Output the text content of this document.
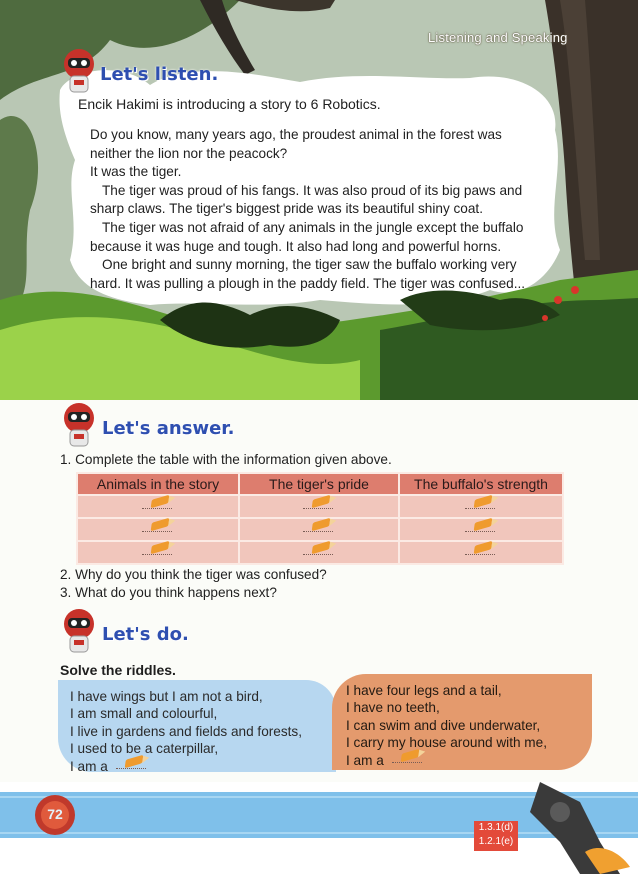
Listening and Speaking
Let's listen.
Encik Hakimi is introducing a story to 6 Robotics.

Do you know, many years ago, the proudest animal in the forest was

neither the lion nor the peacock?

It was the tiger.

The tiger was proud of his fangs. It was also proud of its big paws and

sharp claws. The tiger's biggest pride was its beautiful shiny coat.

The tiger was not afraid of any animals in the jungle except the buffalo

because it was huge and tough. It also had long and powerful horns.

One bright and sunny morning, the tiger saw the buffalo working very

hard. It was pulling a plough in the paddy field. The tiger was confused...

Let's answer.
1. Complete the table with the information given above.
Animals in the story	The tiger's pride	The buffalo's strength

2. Why do you think the tiger was confused?
3. What do you think happens next?
Let's do.
Solve the riddles.
I have wings but I am not a bird,
I am small and colourful,
I live in gardens and fields and forests,
I used to be a caterpillar,
I am a
I have four legs and a tail,
I have no teeth,
I can swim and dive underwater,
I carry my house around with me,
I am a
72
1.3.1(d)
1.2.1(e)
